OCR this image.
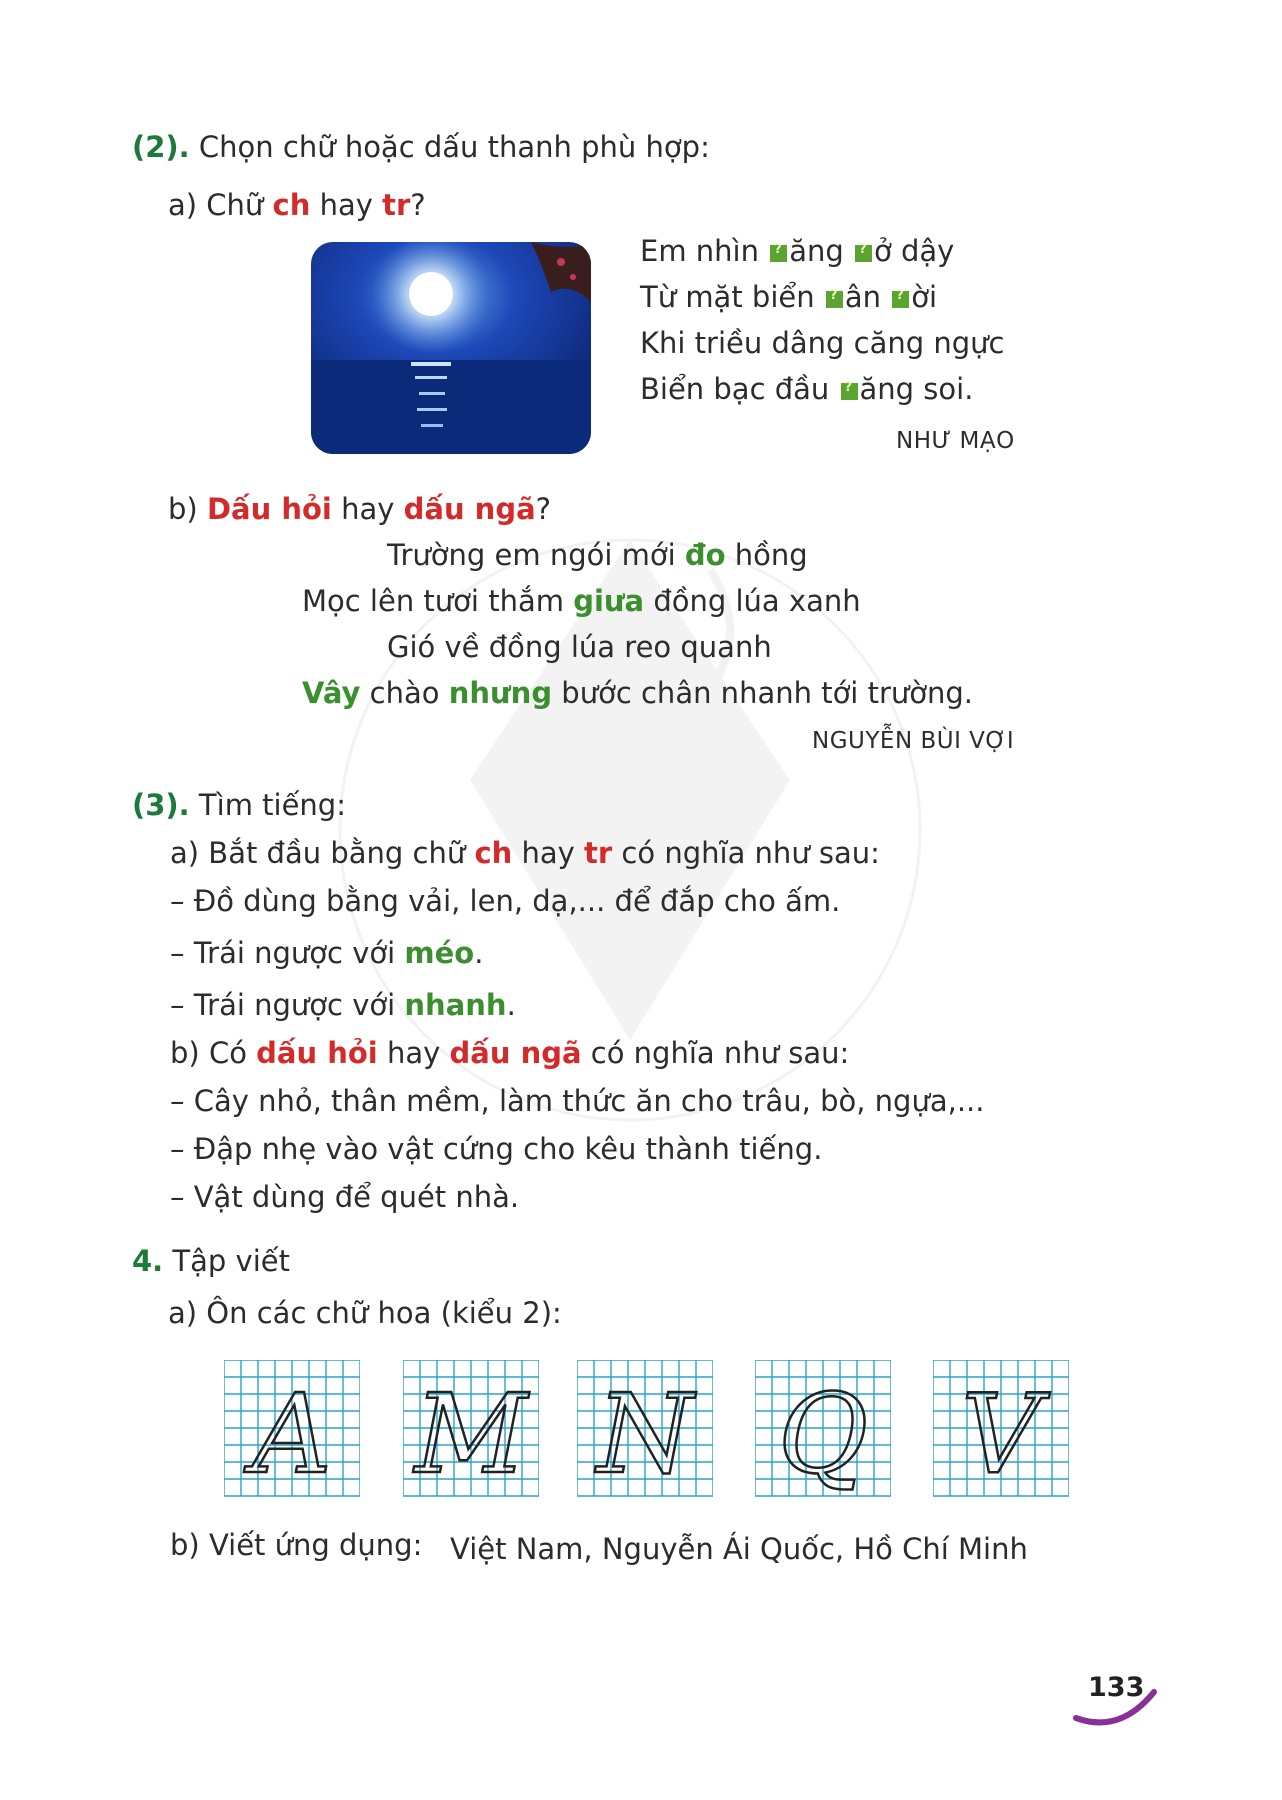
(2). Chọn chữ hoặc dấu thanh phù hợp:
a) Chữ ch hay tr?
Em nhìn ?ăng ?ở dậy
Từ mặt biển ?ân ?ời
Khi triều dâng căng ngực
Biển bạc đầu ?ăng soi.
NHƯ MẠO
b) Dấu hỏi hay dấu ngã?
Trường em ngói mới đo hồng
Mọc lên tươi thắm giưa đồng lúa xanh
Gió về đồng lúa reo quanh
Vây chào nhưng bước chân nhanh tới trường.
NGUYỄN BÙI VỢI
(3). Tìm tiếng:
a) Bắt đầu bằng chữ ch hay tr có nghĩa như sau:
– Đồ dùng bằng vải, len, dạ,... để đắp cho ấm.
– Trái ngược với méo.
– Trái ngược với nhanh.
b) Có dấu hỏi hay dấu ngã có nghĩa như sau:
– Cây nhỏ, thân mềm, làm thức ăn cho trâu, bò, ngựa,...
– Đập nhẹ vào vật cứng cho kêu thành tiếng.
– Vật dùng để quét nhà.
4. Tập viết
a) Ôn các chữ hoa (kiểu 2):
A M N Q V
b) Viết ứng dụng: Việt Nam, Nguyễn Ái Quốc, Hồ Chí Minh
133
